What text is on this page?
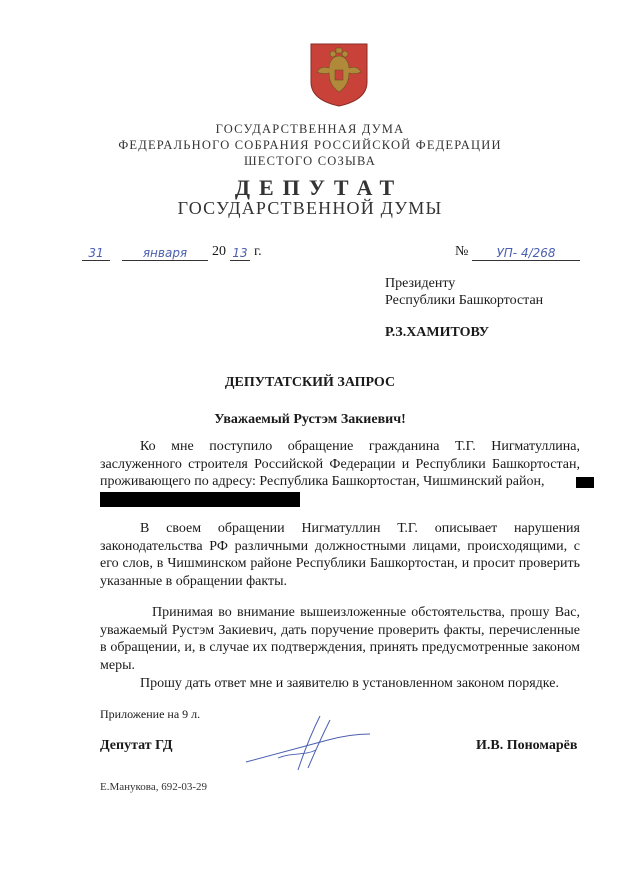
ГОСУДАРСТВЕННАЯ ДУМА
ФЕДЕРАЛЬНОГО СОБРАНИЯ РОССИЙСКОЙ ФЕДЕРАЦИИ
ШЕСТОГО СОЗЫВА
ДЕПУТАТ
ГОСУДАРСТВЕННОЙ ДУМЫ
31	января	20 13 г.	№	УП- 4/268
Президенту
Республики Башкортостан
Р.З.ХАМИТОВУ
ДЕПУТАТСКИЙ ЗАПРОС
Уважаемый Рустэм Закиевич!
Ко мне поступило обращение гражданина Т.Г. Нигматуллина,
заслуженного строителя Российской Федерации и Республики Башкортостан,
проживающего по адресу: Республика Башкортостан, Чишминский район,
В своем обращении Нигматуллин Т.Г. описывает нарушения законодательства РФ различными должностными лицами, происходящими, с его слов, в Чишминском районе Республики Башкортостан, и просит проверить указанные в обращении факты.
Принимая во внимание вышеизложенные обстоятельства, прошу Вас, уважаемый Рустэм Закиевич, дать поручение проверить факты, перечисленные в обращении, и, в случае их подтверждения, принять предусмотренные законом меры.
Прошу дать ответ мне и заявителю в установленном законом порядке.
Приложение на 9 л.
Депутат ГД	И.В. Пономарёв
Е.Манукова, 692-03-29
